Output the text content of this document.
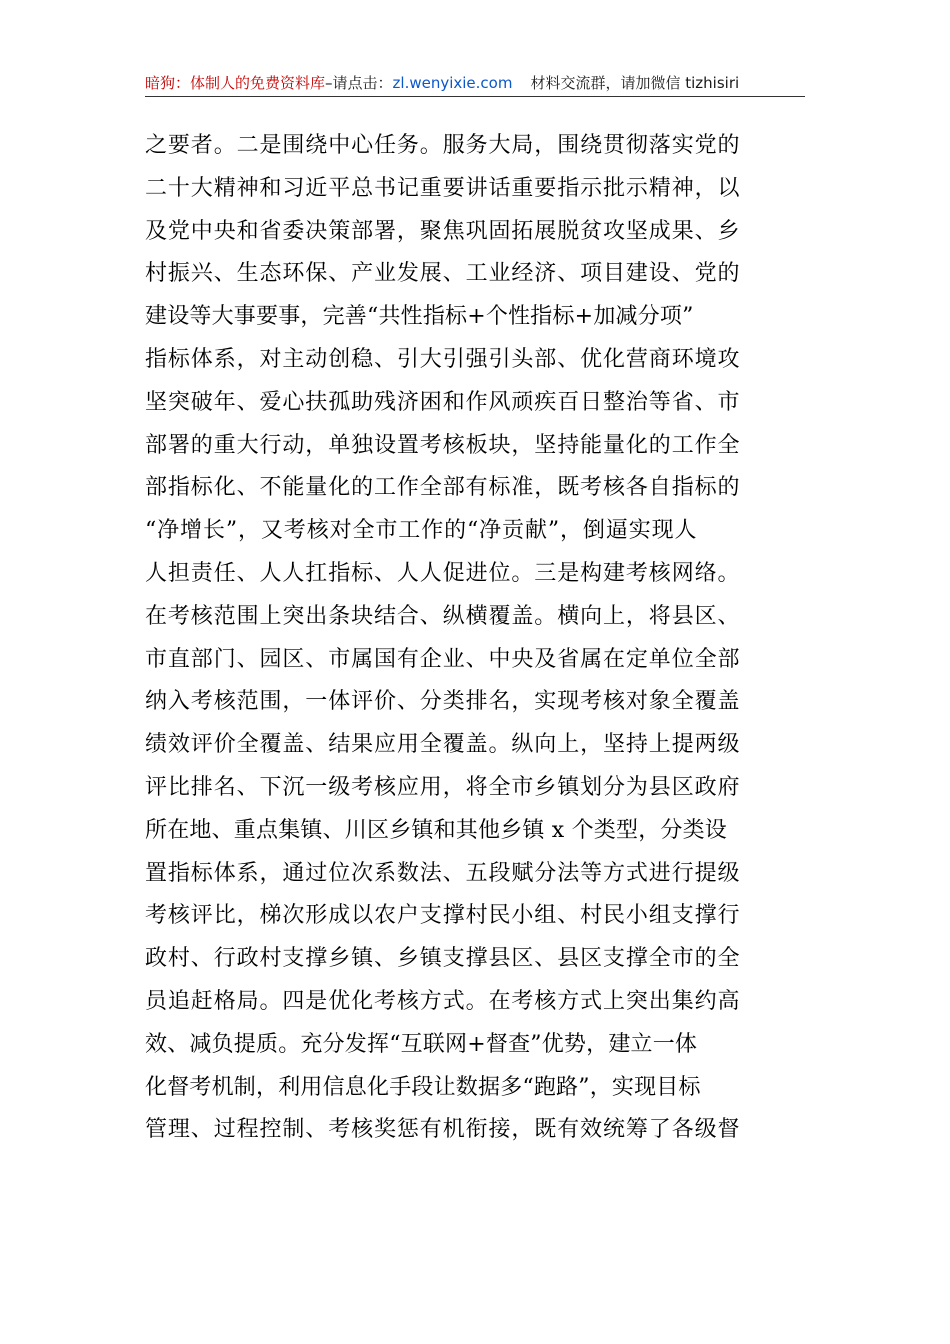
暗狗：体制人的免费资料库–请点击：zl.wenyixie.com 材料交流群，请加微信 tizhisiri
之要者。二是围绕中心任务。服务大局，围绕贯彻落实党的
二十大精神和习近平总书记重要讲话重要指示批示精神，以
及党中央和省委决策部署，聚焦巩固拓展脱贫攻坚成果、乡
村振兴、生态环保、产业发展、工业经济、项目建设、党的
建设等大事要事，完善“共性指标+个性指标+加减分项”
指标体系，对主动创稳、引大引强引头部、优化营商环境攻
坚突破年、爱心扶孤助残济困和作风顽疾百日整治等省、市
部署的重大行动，单独设置考核板块，坚持能量化的工作全
部指标化、不能量化的工作全部有标准，既考核各自指标的
“净增长”，又考核对全市工作的“净贡献”，倒逼实现人
人担责任、人人扛指标、人人促进位。三是构建考核网络。
在考核范围上突出条块结合、纵横覆盖。横向上，将县区、
市直部门、园区、市属国有企业、中央及省属在定单位全部
纳入考核范围，一体评价、分类排名，实现考核对象全覆盖
绩效评价全覆盖、结果应用全覆盖。纵向上，坚持上提两级
评比排名、下沉一级考核应用，将全市乡镇划分为县区政府
所在地、重点集镇、川区乡镇和其他乡镇 x 个类型，分类设
置指标体系，通过位次系数法、五段赋分法等方式进行提级
考核评比，梯次形成以农户支撑村民小组、村民小组支撑行
政村、行政村支撑乡镇、乡镇支撑县区、县区支撑全市的全
员追赶格局。四是优化考核方式。在考核方式上突出集约高
效、减负提质。充分发挥“互联网+督查”优势，建立一体
化督考机制，利用信息化手段让数据多“跑路”，实现目标
管理、过程控制、考核奖惩有机衔接，既有效统筹了各级督
